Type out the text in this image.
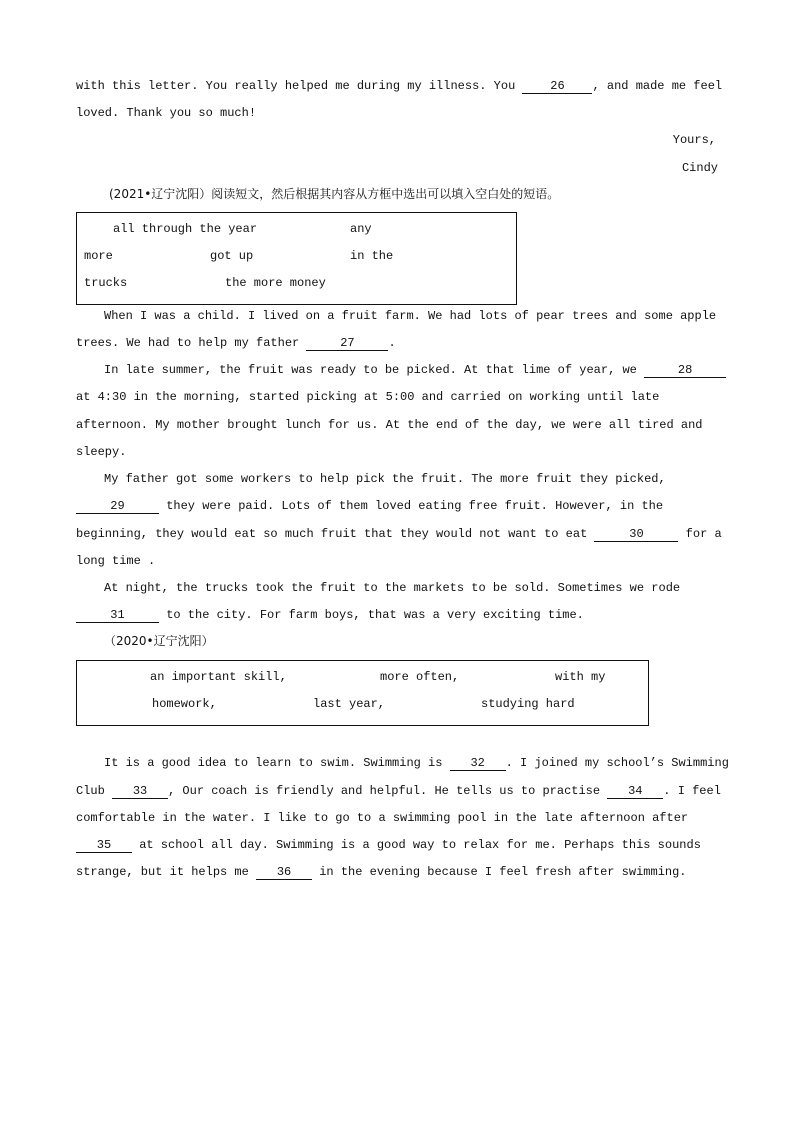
with this letter. You really helped me during my illness. You 26 , and made me feel
loved. Thank you so much!
Yours,
Cindy
(2021•辽宁沈阳）阅读短文，然后根据其内容从方框中选出可以填入空白处的短语。
all through the year	any
more	got up	in the
trucks	the more money
When I was a child. I lived on a fruit farm. We had lots of pear trees and some apple
trees. We had to help my father	27	.
In late summer, the fruit was ready to be picked. At that lime of year, we	28
at 4:30 in the morning, started picking at 5:00 and carried on working until late
afternoon. My mother brought lunch for us. At the end of the day, we were all tired and
sleepy.
My father got some workers to help pick the fruit. The more fruit they picked,
29	they were paid. Lots of them loved eating free fruit. However, in the
beginning, they would eat so much fruit that they would not want to eat	30	for a
long time .
At night, the trucks took the fruit to the markets to be sold. Sometimes we rode
31	to the city. For farm boys, that was a very exciting time.
（2020•辽宁沈阳）
an important skill,	more often,	with my
homework,	last year,	studying hard
It is a good idea to learn to swim. Swimming is 32 . I joined my school’s Swimming
Club 33 , Our coach is friendly and helpful. He tells us to practise 34 . I feel
comfortable in the water. I like to go to a swimming pool in the late afternoon after
35 at school all day. Swimming is a good way to relax for me. Perhaps this sounds
strange, but it helps me 36 in the evening because I feel fresh after swimming.
